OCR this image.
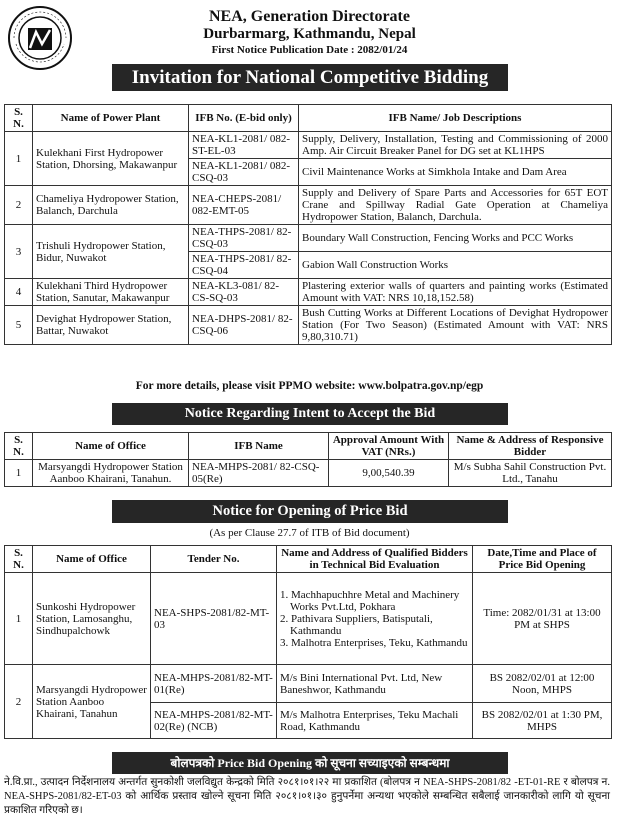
NEA, Generation Directorate
Durbarmarg, Kathmandu, Nepal
First Notice Publication Date : 2082/01/24
Invitation for National Competitive Bidding
S. N.	Name of Power Plant	IFB No. (E-bid only)	IFB Name/ Job Descriptions
1	Kulekhani First Hydropower Station, Dhorsing, Makawanpur	NEA-KL1-2081/ 082-ST-EL-03	Supply, Delivery, Installation, Testing and Commissioning of 2000 Amp. Air Circuit Breaker Panel for DG set at KL1HPS
		NEA-KL1-2081/ 082-CSQ-03	Civil Maintenance Works at Simkhola Intake and Dam Area
2	Chameliya Hydropower Station, Balanch, Darchula	NEA-CHEPS-2081/ 082-EMT-05	Supply and Delivery of Spare Parts and Accessories for 65T EOT Crane and Spillway Radial Gate Operation at Chameliya Hydropower Station, Balanch, Darchula.
3	Trishuli Hydropower Station, Bidur, Nuwakot	NEA-THPS-2081/ 82-CSQ-03	Boundary Wall Construction, Fencing Works and PCC Works
		NEA-THPS-2081/ 82-CSQ-04	Gabion Wall Construction Works
4	Kulekhani Third Hydropower Station, Sanutar, Makawanpur	NEA-KL3-081/ 82-CS-SQ-03	Plastering exterior walls of quarters and painting works (Estimated Amount with VAT: NRS 10,18,152.58)
5	Devighat Hydropower Station, Battar, Nuwakot	NEA-DHPS-2081/ 82-CSQ-06	Bush Cutting Works at Different Locations of Devighat Hydropower Station (For Two Season) (Estimated Amount with VAT: NRS 9,80,310.71)
For more details, please visit PPMO website: www.bolpatra.gov.np/egp
Notice Regarding Intent to Accept the Bid
S. N.	Name of Office	IFB Name	Approval Amount With VAT (NRs.)	Name & Address of Responsive Bidder
1	Marsyangdi Hydropower Station Aanboo Khairani, Tanahun.	NEA-MHPS-2081/ 82-CSQ-05(Re)	9,00,540.39	M/s Subha Sahil Construction Pvt. Ltd., Tanahu
Notice for Opening of Price Bid
(As per Clause 27.7 of ITB of Bid document)
S. N.	Name of Office	Tender No.	Name and Address of Qualified Bidders in Technical Bid Evaluation	Date,Time and Place of Price Bid Opening
1	Sunkoshi Hydropower Station, Lamosanghu, Sindhupalchowk	NEA-SHPS-2081/82-MT-03	1. Machhapuchhre Metal and Machinery Works Pvt.Ltd, Pokhara
2. Pathivara Suppliers, Batisputali, Kathmandu
3. Malhotra Enterprises, Teku, Kathmandu	Time: 2082/01/31 at 13:00 PM at SHPS
2	Marsyangdi Hydropower Station Aanboo Khairani, Tanahun	NEA-MHPS-2081/82-MT-01(Re)	M/s Bini International Pvt. Ltd, New Baneshwor, Kathmandu	BS 2082/02/01 at 12:00 Noon, MHPS
		NEA-MHPS-2081/82-MT-02(Re) (NCB)	M/s Malhotra Enterprises, Teku Machali Road, Kathmandu	BS 2082/02/01 at 1:30 PM, MHPS
बोलपत्रको Price Bid Opening को सूचना सच्याइएको सम्बन्धमा
ने.वि.प्रा., उत्पादन निर्देशनालय अन्तर्गत सुनकोशी जलविद्युत केन्द्रको मिति २०८१।०१।२२ मा प्रकाशित (बोलपत्र न NEA-SHPS-2081/82 -ET-01-RE र बोलपत्र न. NEA-SHPS-2081/82-ET-03 को आर्थिक प्रस्ताव खोल्ने सूचना मिति २०८१।०१।३० हुनुपर्नेमा अन्यथा भएकोले सम्बन्धित सबैलाई जानकारीको लागि यो सूचना प्रकाशित गरिएको छ।
